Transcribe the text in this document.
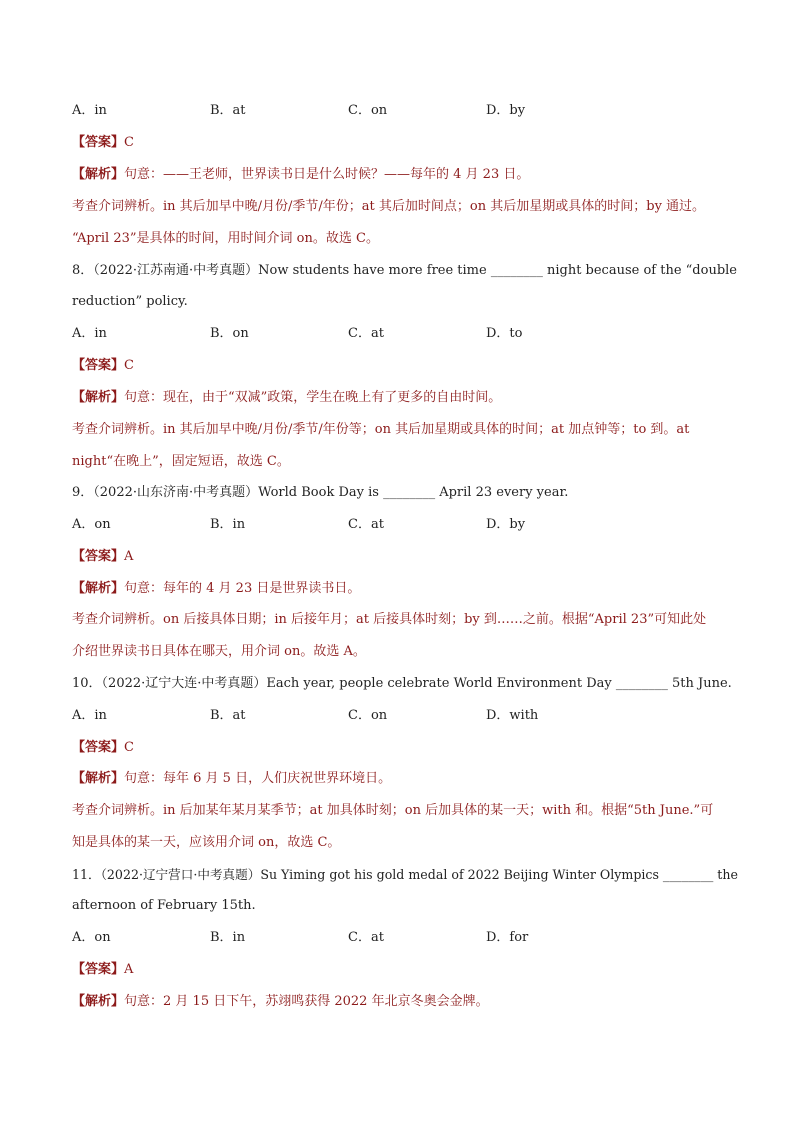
A．in	B．at	C．on	D．by
【答案】C
【解析】句意：——王老师，世界读书日是什么时候？——每年的 4 月 23 日。
考查介词辨析。in 其后加早中晚/月份/季节/年份；at 其后加时间点；on 其后加星期或具体的时间；by 通过。
“April 23”是具体的时间，用时间介词 on。故选 C。
8．（2022·江苏南通·中考真题）Now students have more free time ________ night because of the “double
reduction” policy.
A．in	B．on	C．at	D．to
【答案】C
【解析】句意：现在，由于“双减”政策，学生在晚上有了更多的自由时间。
考查介词辨析。in 其后加早中晚/月份/季节/年份等；on 其后加星期或具体的时间；at 加点钟等；to 到。at
night“在晚上”，固定短语，故选 C。
9．（2022·山东济南·中考真题）World Book Day is ________ April 23 every year.
A．on	B．in	C．at	D．by
【答案】A
【解析】句意：每年的 4 月 23 日是世界读书日。
考查介词辨析。on 后接具体日期；in 后接年月；at 后接具体时刻；by 到……之前。根据“April 23”可知此处
介绍世界读书日具体在哪天，用介词 on。故选 A。
10．（2022·辽宁大连·中考真题）Each year, people celebrate World Environment Day ________ 5th June.
A．in	B．at	C．on	D．with
【答案】C
【解析】句意：每年 6 月 5 日，人们庆祝世界环境日。
考查介词辨析。in 后加某年某月某季节；at 加具体时刻；on 后加具体的某一天；with 和。根据“5th June.”可
知是具体的某一天，应该用介词 on，故选 C。
11．（2022·辽宁营口·中考真题）Su Yiming got his gold medal of 2022 Beijing Winter Olympics ________ the
afternoon of February 15th.
A．on	B．in	C．at	D．for
【答案】A
【解析】句意：2 月 15 日下午，苏翊鸣获得 2022 年北京冬奥会金牌。
